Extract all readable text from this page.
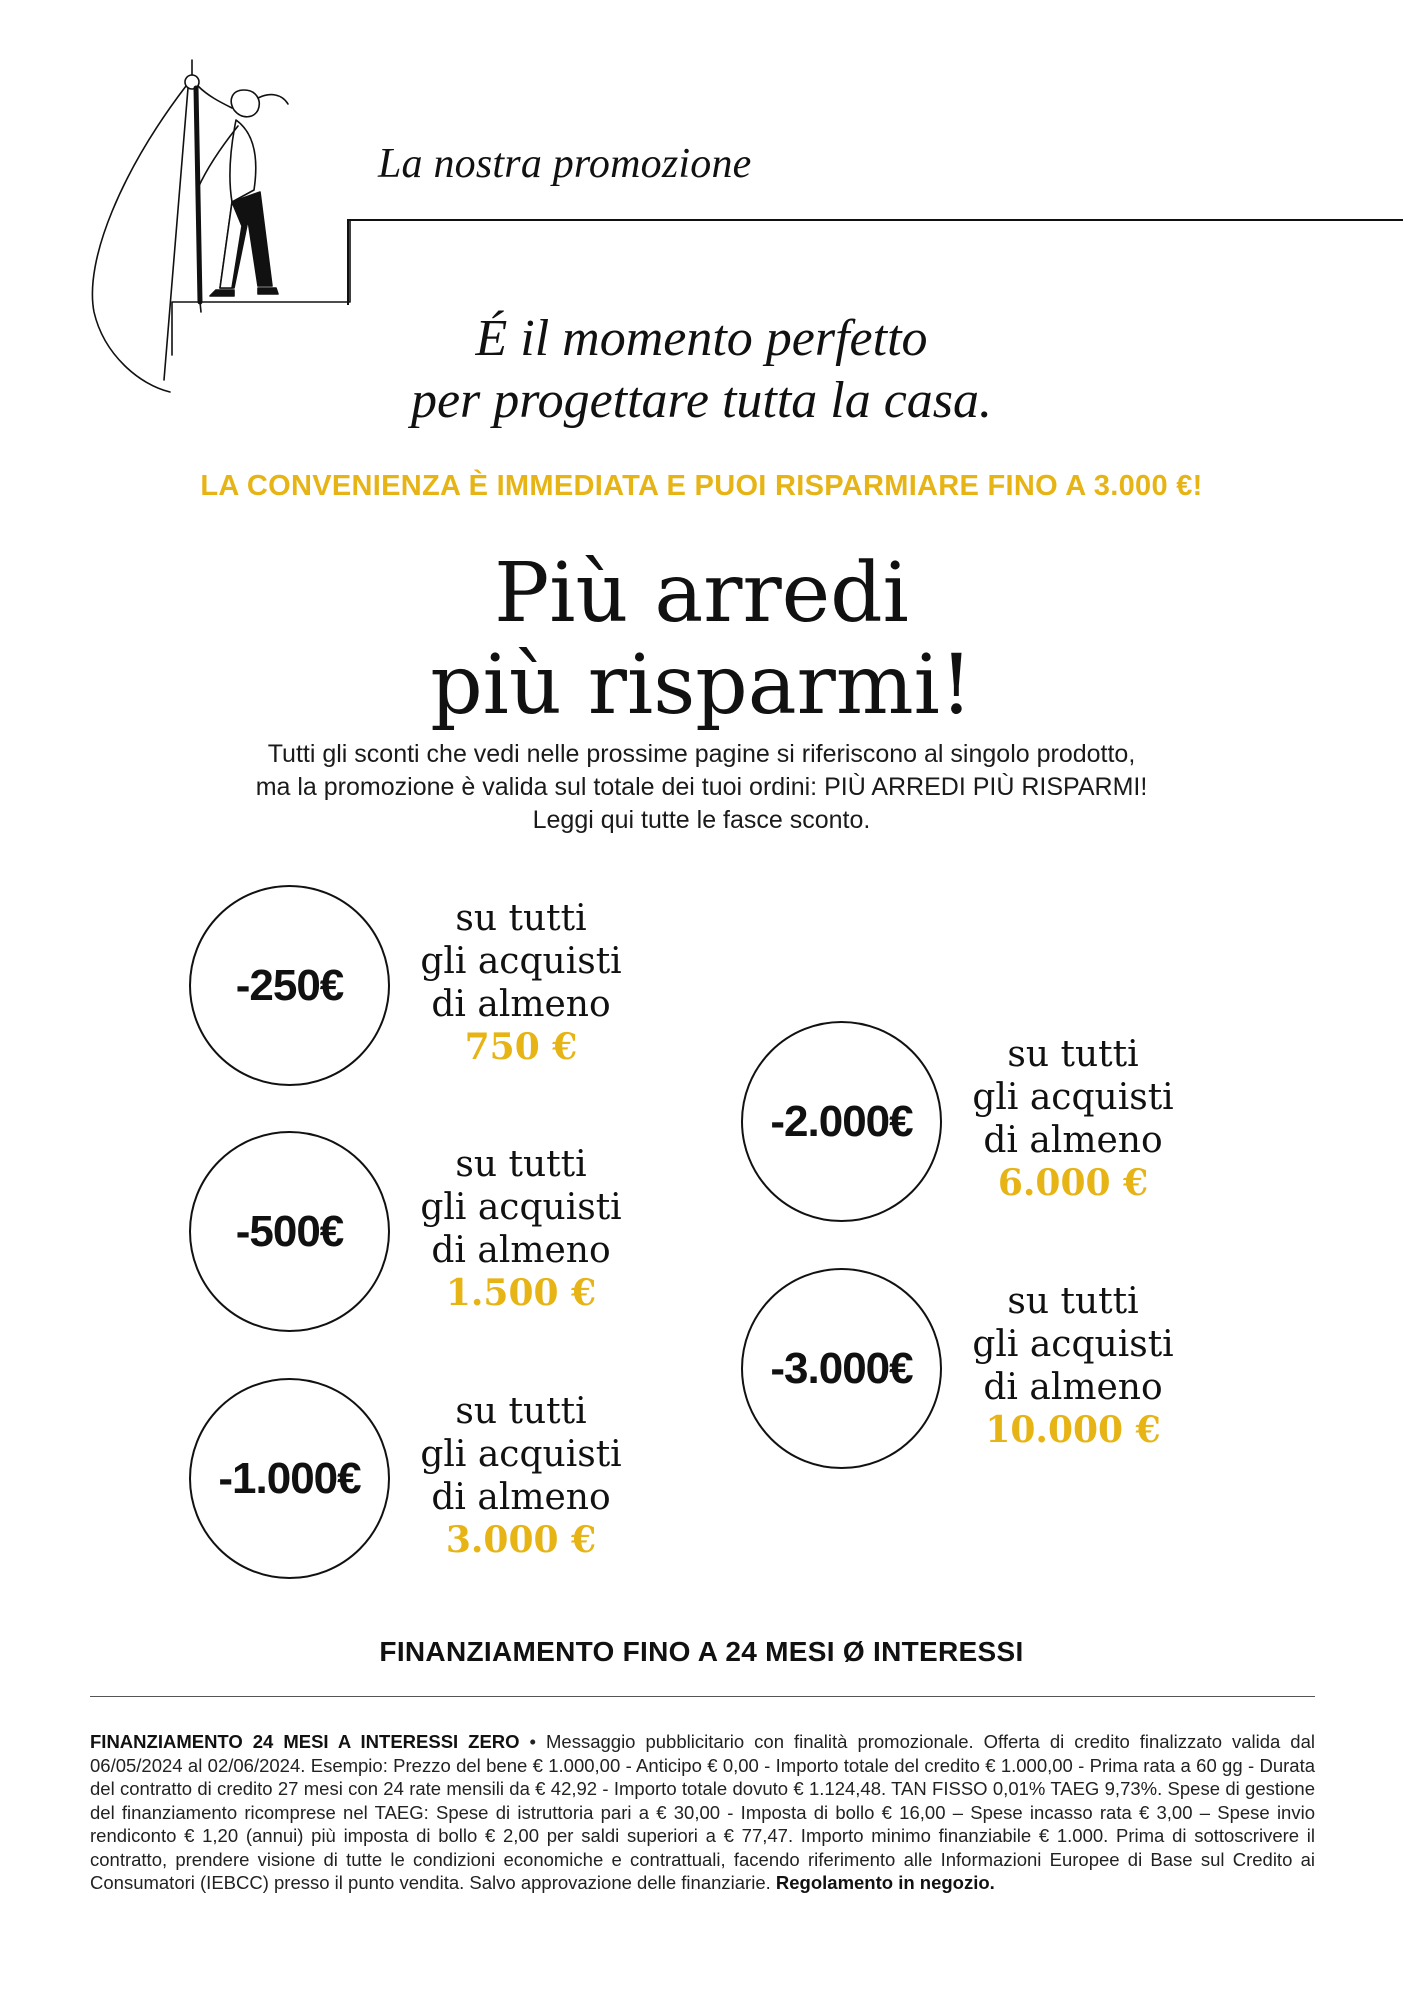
La nostra promozione
É il momento perfetto
per progettare tutta la casa.
LA CONVENIENZA È IMMEDIATA E PUOI RISPARMIARE FINO A 3.000 €!
Più arredi
più risparmi!
Tutti gli sconti che vedi nelle prossime pagine si riferiscono al singolo prodotto,
ma la promozione è valida sul totale dei tuoi ordini: PIÙ ARREDI PIÙ RISPARMI!
Leggi qui tutte le fasce sconto.
-250€
su tutti
gli acquisti
di almeno
750 €
-500€
su tutti
gli acquisti
di almeno
1.500 €
-1.000€
su tutti
gli acquisti
di almeno
3.000 €
-2.000€
su tutti
gli acquisti
di almeno
6.000 €
-3.000€
su tutti
gli acquisti
di almeno
10.000 €
FINANZIAMENTO FINO A 24 MESI Ø INTERESSI
FINANZIAMENTO 24 MESI A INTERESSI ZERO • Messaggio pubblicitario con finalità promozionale. Offerta di credito finalizzato valida dal 06/05/2024 al 02/06/2024. Esempio: Prezzo del bene € 1.000,00 - Anticipo € 0,00 - Importo totale del credito € 1.000,00 - Prima rata a 60 gg - Durata del contratto di credito 27 mesi con 24 rate mensili da € 42,92 - Importo totale dovuto € 1.124,48. TAN FISSO 0,01% TAEG 9,73%. Spese di gestione del finanziamento ricomprese nel TAEG: Spese di istruttoria pari a € 30,00 - Imposta di bollo € 16,00 – Spese incasso rata € 3,00 – Spese invio rendiconto € 1,20 (annui) più imposta di bollo € 2,00 per saldi superiori a € 77,47. Importo minimo finanziabile € 1.000. Prima di sottoscrivere il contratto, prendere visione di tutte le condizioni economiche e contrattuali, facendo riferimento alle Informazioni Europee di Base sul Credito ai Consumatori (IEBCC) presso il punto vendita. Salvo approvazione delle finanziarie. Regolamento in negozio.
